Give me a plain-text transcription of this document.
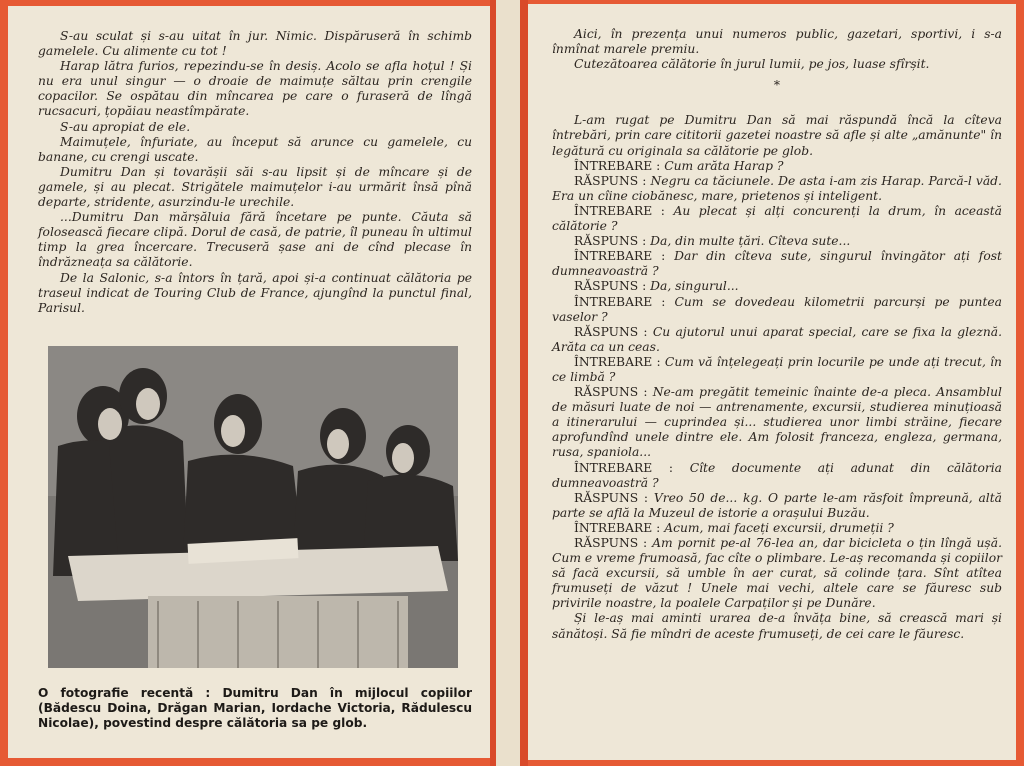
S-au sculat și s-au uitat în jur. Nimic. Dispăruseră în schimb gamelele. Cu alimente cu tot !

Harap lătra furios, repezindu-se în desiș. Acolo se afla hoțul ! Și nu era unul singur — o droaie de maimuțe săltau prin crengile copacilor. Se ospătau din mîncarea pe care o furaseră de lîngă rucsacuri, țopăiau neastîmpărate.

S-au apropiat de ele.

Maimuțele, înfuriate, au început să arunce cu gamelele, cu banane, cu crengi uscate.

Dumitru Dan și tovarășii săi s-au lipsit și de mîncare și de gamele, și au plecat. Strigătele maimuțelor i-au urmărit însă pînă departe, stridente, asurzindu-le urechile.

...Dumitru Dan mărșăluia fără încetare pe punte. Căuta să folosească fiecare clipă. Dorul de casă, de patrie, îl puneau în ultimul timp la grea încercare. Trecuseră șase ani de cînd plecase în îndrăzneața sa călătorie.

De la Salonic, s-a întors în țară, apoi și-a continuat călătoria pe traseul indicat de Touring Club de France, ajungînd la punctul final, Parisul.

O fotografie recentă : Dumitru Dan în mijlocul copiilor (Bădescu Doina, Drăgan Marian, Iordache Victoria, Rădulescu Nicolae), povestind despre călătoria sa pe glob.

Aici, în prezența unui numeros public, gazetari, sportivi, i s-a înmînat marele premiu.

Cutezătoarea călătorie în jurul lumii, pe jos, luase sfîrșit.

*

L-am rugat pe Dumitru Dan să mai răspundă încă la cîteva întrebări, prin care cititorii gazetei noastre să afle și alte „amănunte" în legătură cu originala sa călătorie pe glob.

ÎNTREBARE : Cum arăta Harap ?

RĂSPUNS : Negru ca tăciunele. De asta i-am zis Harap. Parcă-l văd. Era un cîine ciobănesc, mare, prietenos și inteligent.

ÎNTREBARE : Au plecat și alți concurenți la drum, în această călătorie ?

RĂSPUNS : Da, din multe țări. Cîteva sute...

ÎNTREBARE : Dar din cîteva sute, singurul învingător ați fost dumneavoastră ?

RĂSPUNS : Da, singurul...

ÎNTREBARE : Cum se dovedeau kilometrii parcurși pe puntea vaselor ?

RĂSPUNS : Cu ajutorul unui aparat special, care se fixa la gleznă. Arăta ca un ceas.

ÎNTREBARE : Cum vă înțelegeați prin locurile pe unde ați trecut, în ce limbă ?

RĂSPUNS : Ne-am pregătit temeinic înainte de-a pleca. Ansamblul de măsuri luate de noi — antrenamente, excursii, studierea minuțioasă a itinerarului — cuprindea și... studierea unor limbi străine, fiecare aprofundînd unele dintre ele. Am folosit franceza, engleza, germana, rusa, spaniola...

ÎNTREBARE : Cîte documente ați adunat din călătoria dumneavoastră ?

RĂSPUNS : Vreo 50 de... kg. O parte le-am răsfoit împreună, altă parte se află la Muzeul de istorie a orașului Buzău.

ÎNTREBARE : Acum, mai faceți excursii, drumeții ?

RĂSPUNS : Am pornit pe-al 76-lea an, dar bicicleta o țin lîngă ușă. Cum e vreme frumoasă, fac cîte o plimbare. Le-aș recomanda și copiilor să facă excursii, să umble în aer curat, să colinde țara. Sînt atîtea frumuseți de văzut ! Unele mai vechi, altele care se făuresc sub privirile noastre, la poalele Carpaților și pe Dunăre.

Și le-aș mai aminti urarea de-a învăța bine, să crească mari și sănătoși. Să fie mîndri de aceste frumuseți, de cei care le făuresc.
